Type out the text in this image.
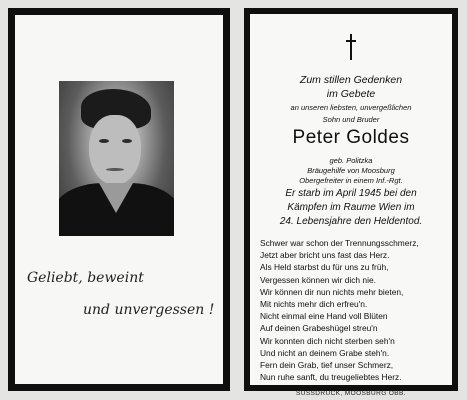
Geliebt, beweint
und unvergessen !
Zum stillen Gedenken
im Gebete
an unseren liebsten, unvergeßlichen
Sohn und Bruder
Peter Goldes
geb. Politzka
Bräugehilfe von Moosburg
Obergefreiter in einem Inf.-Rgt.
Er starb im April 1945 bei den
Kämpfen im Raume Wien im
24. Lebensjahre den Heldentod.
Schwer war schon der Trennungsschmerz,
Jetzt aber bricht uns fast das Herz.
Als Held starbst du für uns zu früh,
Vergessen können wir dich nie.
Wir können dir nun nichts mehr bieten,
Mit nichts mehr dich erfreu'n.
Nicht einmal eine Hand voll Blüten
Auf deinen Grabeshügel streu'n
Wir konnten dich nicht sterben seh'n
Und nicht an deinem Grabe steh'n.
Fern dein Grab, tief unser Schmerz,
Nun ruhe sanft, du treugeliebtes Herz.
SÜSSDRUCK, MOOSBURG OBB.
